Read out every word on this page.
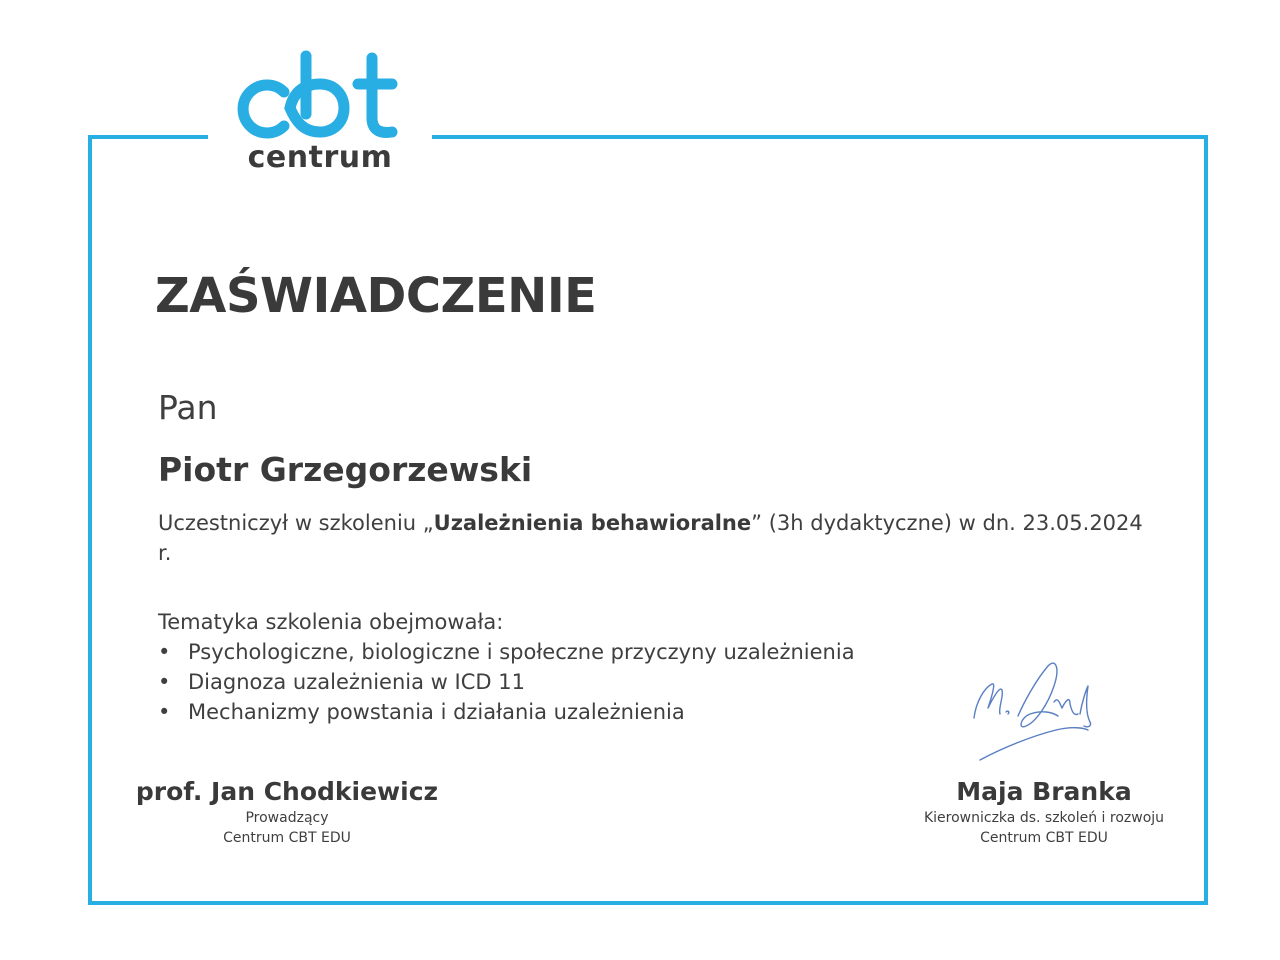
centrum
ZAŚWIADCZENIE
Pan
Piotr Grzegorzewski
Uczestniczył w szkoleniu „Uzależnienia behawioralne” (3h dydaktyczne) w dn. 23.05.2024 r.
Tematyka szkolenia obejmowała:
• Psychologiczne, biologiczne i społeczne przyczyny uzależnienia
• Diagnoza uzależnienia w ICD 11
• Mechanizmy powstania i działania uzależnienia
prof. Jan Chodkiewicz
Prowadzący
Centrum CBT EDU
Maja Branka
Kierowniczka ds. szkoleń i rozwoju
Centrum CBT EDU
